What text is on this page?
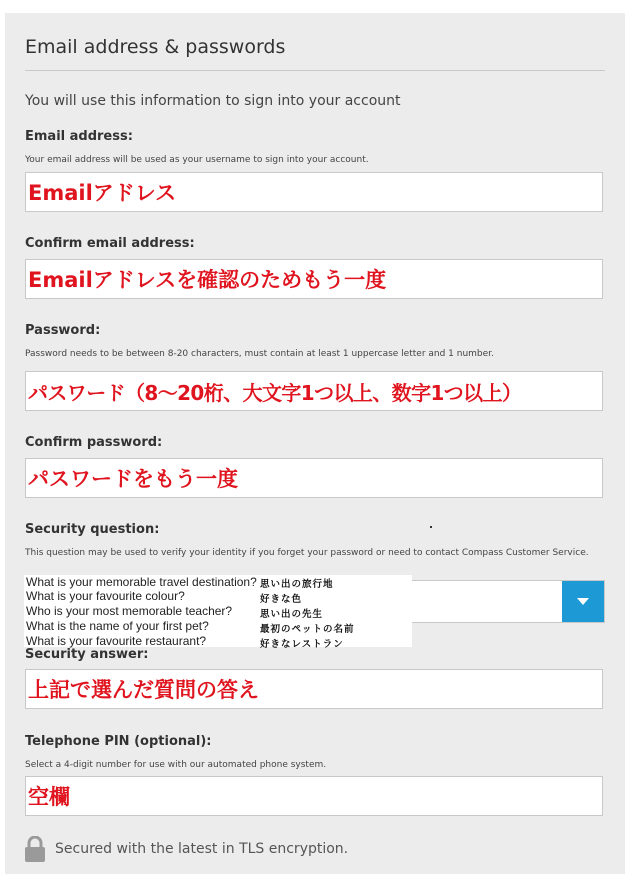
Email address & passwords
You will use this information to sign into your account
Email address:
Your email address will be used as your username to sign into your account.
Emailアドレス
Confirm email address:
Emailアドレスを確認のためもう一度
Password:
Password needs to be between 8-20 characters, must contain at least 1 uppercase letter and 1 number.
パスワード（8～20桁、大文字1つ以上、数字1つ以上）
Confirm password:
パスワードをもう一度
Security question:
This question may be used to verify your identity if you forget your password or need to contact Compass Customer Service.
What is your memorable travel destination? 思い出の旅行地
What is your favourite colour?	好きな色
Who is your most memorable teacher?	思い出の先生
What is the name of your first pet?	最初のペットの名前
What is your favourite restaurant?	好きなレストラン
Security answer:
上記で選んだ質問の答え
Telephone PIN (optional):
Select a 4-digit number for use with our automated phone system.
空欄
Secured with the latest in TLS encryption.
